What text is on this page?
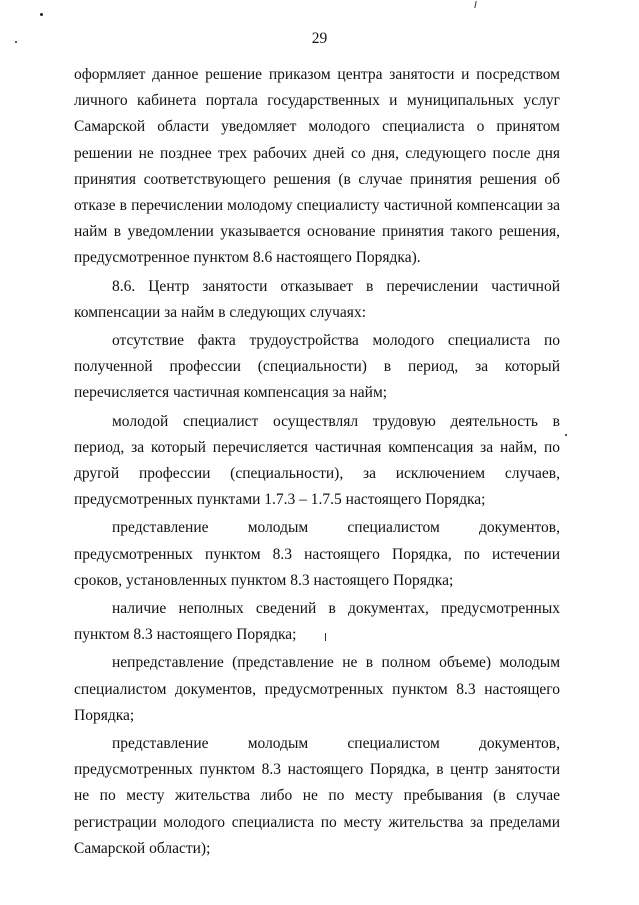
29

оформляет данное решение приказом центра занятости и посредством личного кабинета портала государственных и муниципальных услуг Самарской области уведомляет молодого специалиста о принятом решении не позднее трех рабочих дней со дня, следующего после дня принятия соответствующего решения (в случае принятия решения об отказе в перечислении молодому специалисту частичной компенсации за найм в уведомлении указывается основание принятия такого решения, предусмотренное пунктом 8.6 настоящего Порядка).

8.6. Центр занятости отказывает в перечислении частичной компенсации за найм в следующих случаях:

отсутствие факта трудоустройства молодого специалиста по полученной профессии (специальности) в период, за который перечисляется частичная компенсация за найм;

молодой специалист осуществлял трудовую деятельность в период, за который перечисляется частичная компенсация за найм, по другой профессии (специальности), за исключением случаев, предусмотренных пунктами 1.7.3 – 1.7.5 настоящего Порядка;

представление молодым специалистом документов, предусмотренных пунктом 8.3 настоящего Порядка, по истечении сроков, установленных пунктом 8.3 настоящего Порядка;

наличие неполных сведений в документах, предусмотренных пунктом 8.3 настоящего Порядка;

непредставление (представление не в полном объеме) молодым специалистом документов, предусмотренных пунктом 8.3 настоящего Порядка;

представление молодым специалистом документов, предусмотренных пунктом 8.3 настоящего Порядка, в центр занятости не по месту жительства либо не по месту пребывания (в случае регистрации молодого специалиста по месту жительства за пределами Самарской области);
